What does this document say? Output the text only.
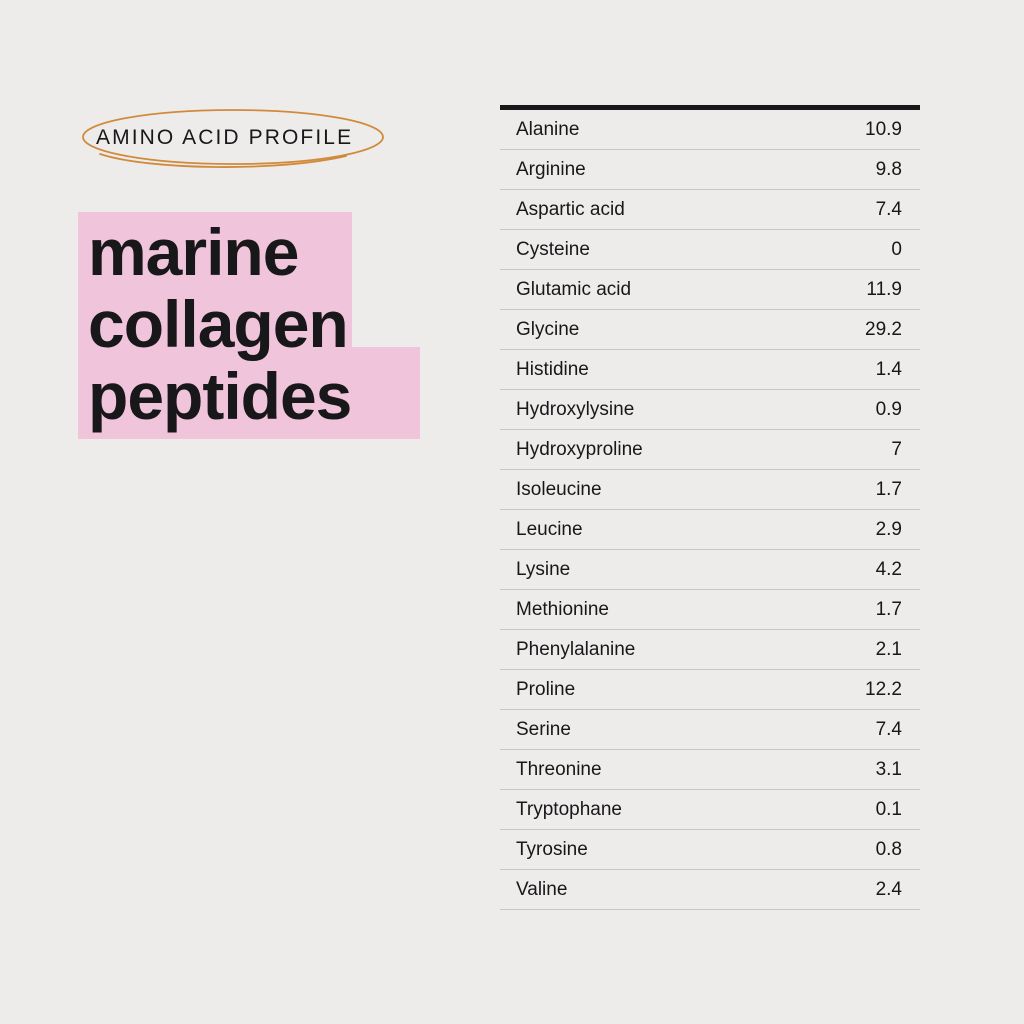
AMINO ACID PROFILE
marine
collagen
peptides
Alanine	10.9
Arginine	9.8
Aspartic acid	7.4
Cysteine	0
Glutamic acid	11.9
Glycine	29.2
Histidine	1.4
Hydroxylysine	0.9
Hydroxyproline	7
Isoleucine	1.7
Leucine	2.9
Lysine	4.2
Methionine	1.7
Phenylalanine	2.1
Proline	12.2
Serine	7.4
Threonine	3.1
Tryptophane	0.1
Tyrosine	0.8
Valine	2.4
